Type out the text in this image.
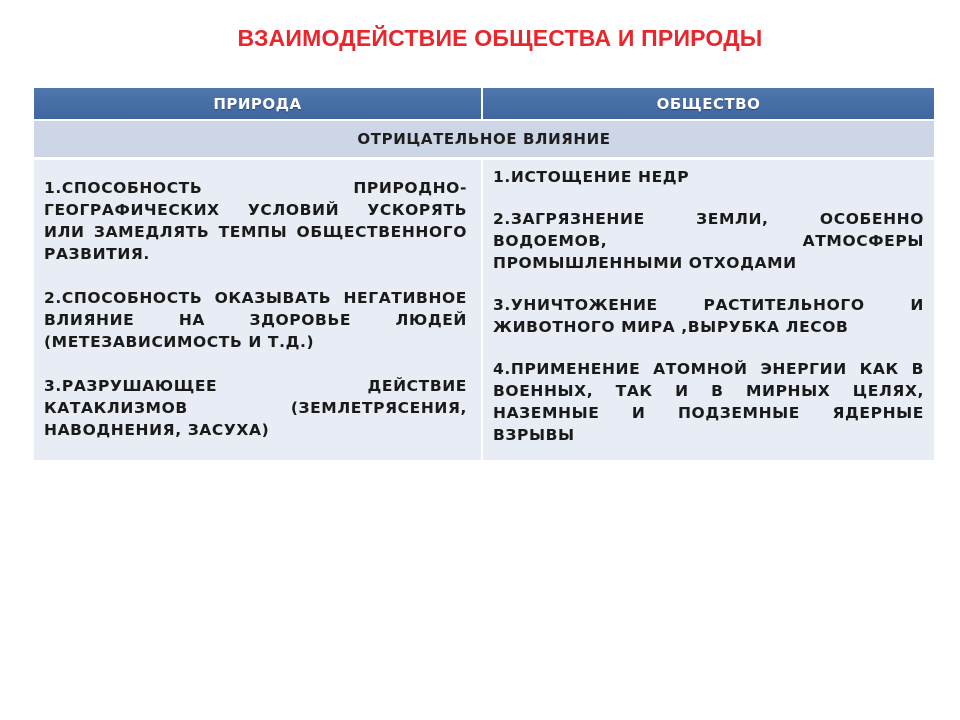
ВЗАИМОДЕЙСТВИЕ ОБЩЕСТВА И ПРИРОДЫ
ПРИРОДА	ОБЩЕСТВО
ОТРИЦАТЕЛЬНОЕ ВЛИЯНИЕ

1.СПОСОБНОСТЬ ПРИРОДНО-ГЕОГРАФИЧЕСКИХ УСЛОВИЙ УСКОРЯТЬ ИЛИ ЗАМЕДЛЯТЬ ТЕМПЫ ОБЩЕСТВЕННОГО РАЗВИТИЯ.

2.СПОСОБНОСТЬ ОКАЗЫВАТЬ НЕГАТИВНОЕ ВЛИЯНИЕ НА ЗДОРОВЬЕ ЛЮДЕЙ (МЕТЕЗАВИСИМОСТЬ И Т.Д.)

3.РАЗРУШАЮЩЕЕ ДЕЙСТВИЕ КАТАКЛИЗМОВ (ЗЕМЛЕТРЯСЕНИЯ, НАВОДНЕНИЯ, ЗАСУХА)

1.ИСТОЩЕНИЕ НЕДР

2.ЗАГРЯЗНЕНИЕ ЗЕМЛИ, ОСОБЕННО ВОДОЕМОВ, АТМОСФЕРЫ ПРОМЫШЛЕННЫМИ ОТХОДАМИ

3.УНИЧТОЖЕНИЕ РАСТИТЕЛЬНОГО И ЖИВОТНОГО МИРА ,ВЫРУБКА ЛЕСОВ

4.ПРИМЕНЕНИЕ АТОМНОЙ ЭНЕРГИИ КАК В ВОЕННЫХ, ТАК И В МИРНЫХ ЦЕЛЯХ, НАЗЕМНЫЕ И ПОДЗЕМНЫЕ ЯДЕРНЫЕ ВЗРЫВЫ
